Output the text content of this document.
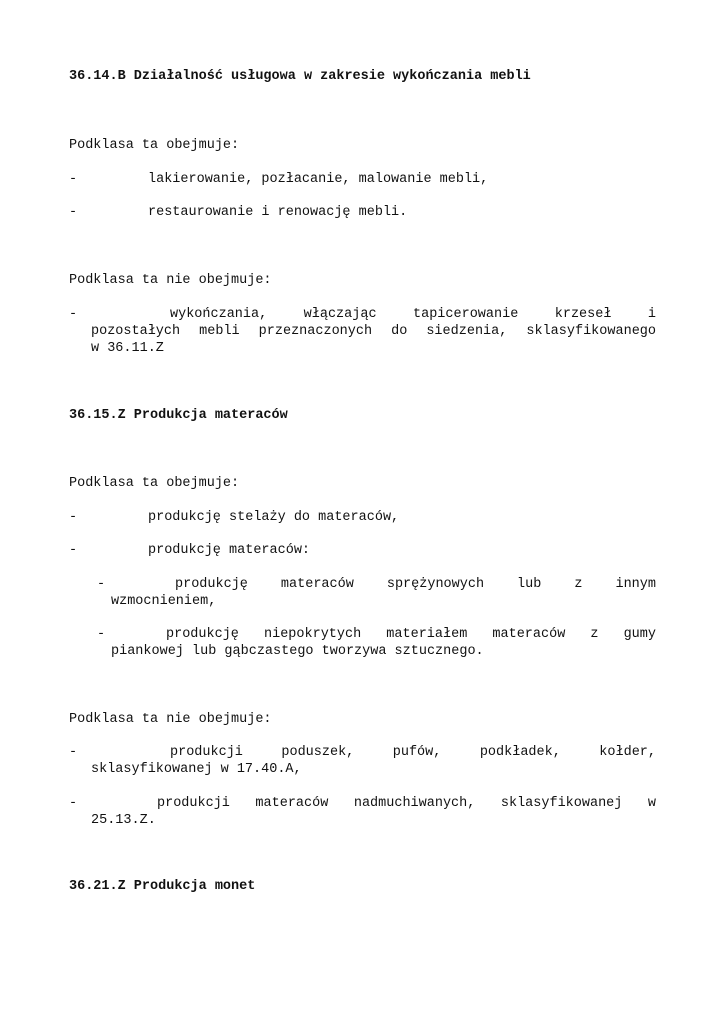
36.14.B Działalność usługowa w zakresie wykończania mebli
Podklasa ta obejmuje:
-	lakierowanie, pozłacanie, malowanie mebli,
-	restaurowanie i renowację mebli.
Podklasa ta nie obejmuje:
-	wykończania, włączając tapicerowanie krzeseł i
pozostałych mebli przeznaczonych do siedzenia, sklasyfikowanego
w 36.11.Z
36.15.Z Produkcja materaców
Podklasa ta obejmuje:
-	produkcję stelaży do materaców,
-	produkcję materaców:
-	produkcję materaców sprężynowych lub z innym
wzmocnieniem,
-	produkcję niepokrytych materiałem materaców z gumy
piankowej lub gąbczastego tworzywa sztucznego.
Podklasa ta nie obejmuje:
-	produkcji poduszek, pufów, podkładek, kołder,
sklasyfikowanej w 17.40.A,
-	produkcji materaców nadmuchiwanych, sklasyfikowanej w
25.13.Z.
36.21.Z Produkcja monet
